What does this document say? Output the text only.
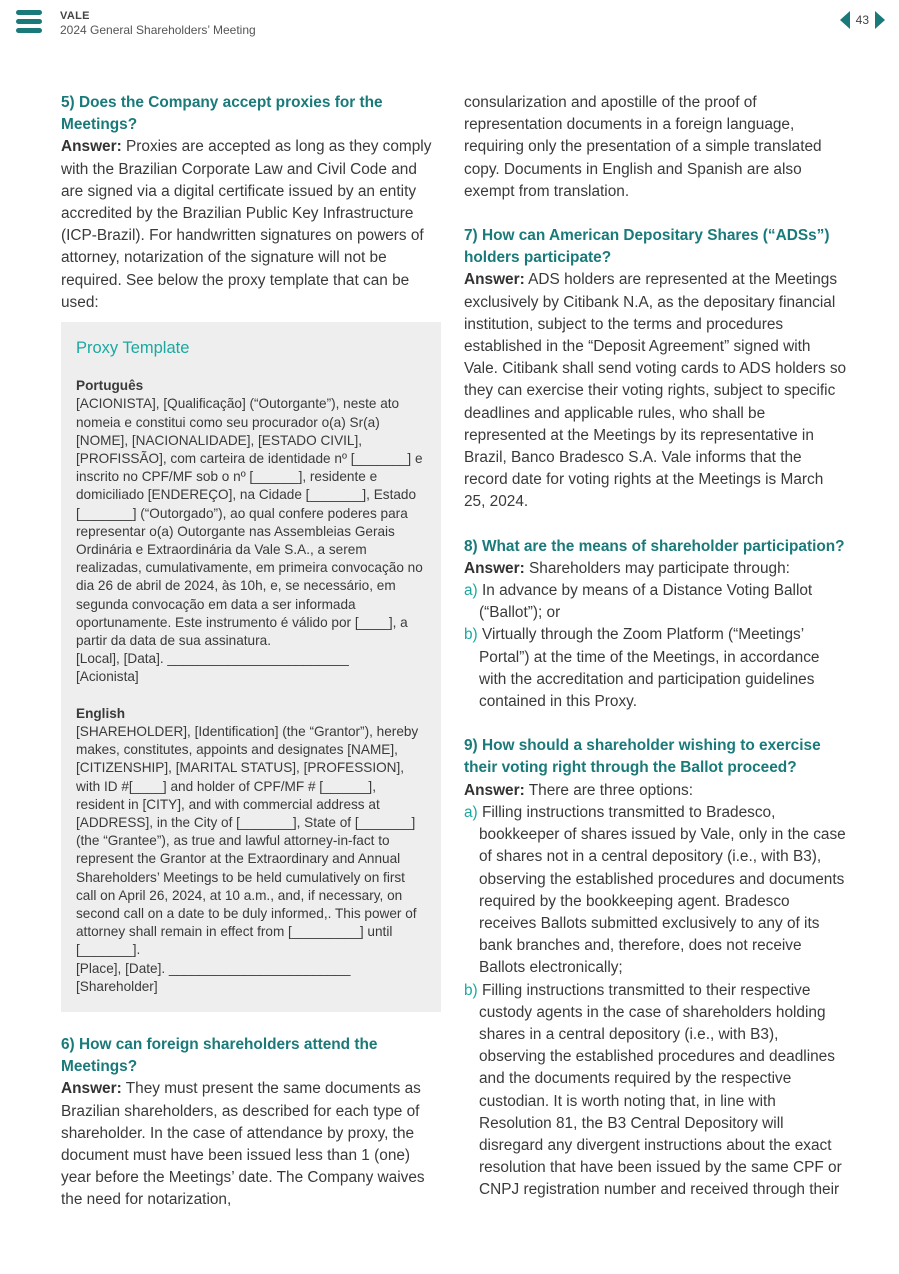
VALE
2024 General Shareholders’ Meeting
43

5) Does the Company accept proxies for the Meetings?

Answer: Proxies are accepted as long as they comply with the Brazilian Corporate Law and Civil Code and are signed via a digital certificate issued by an entity accredited by the Brazilian Public Key Infrastructure (ICP-Brazil). For handwritten signatures on powers of attorney, notarization of the signature will not be required. See below the proxy template that can be used:

Proxy Template

Português

[ACIONISTA], [Qualificação] (“Outorgante”), neste ato nomeia e constitui como seu procurador o(a) Sr(a) [NOME], [NACIONALIDADE], [ESTADO CIVIL], [PROFISSÃO], com carteira de identidade nº [_______] e inscrito no CPF/MF sob o nº [______], residente e domiciliado [ENDEREÇO], na Cidade [_______], Estado [_______] (“Outorgado”), ao qual confere poderes para representar o(a) Outorgante nas Assembleias Gerais Ordinária e Extraordinária da Vale S.A., a serem realizadas, cumulativamente, em primeira convocação no dia 26 de abril de 2024, às 10h, e, se necessário, em segunda convocação em data a ser informada oportunamente. Este instrumento é válido por [____], a partir da data de sua assinatura.

[Local], [Data]. ________________________

[Acionista]

English

[SHAREHOLDER], [Identification] (the “Grantor”), hereby makes, constitutes, appoints and designates [NAME], [CITIZENSHIP], [MARITAL STATUS], [PROFESSION], with ID #[____] and holder of CPF/MF # [______], resident in [CITY], and with commercial address at [ADDRESS], in the City of [_______], State of [_______] (the “Grantee”), as true and lawful attorney-in-fact to represent the Grantor at the Extraordinary and Annual Shareholders’ Meetings to be held cumulatively on first call on April 26, 2024, at 10 a.m., and, if necessary, on second call on a date to be duly informed,. This power of attorney shall remain in effect from [_________] until [_______].

[Place], [Date]. ________________________

[Shareholder]

6) How can foreign shareholders attend the Meetings?

Answer: They must present the same documents as Brazilian shareholders, as described for each type of shareholder. In the case of attendance by proxy, the document must have been issued less than 1 (one) year before the Meetings’ date. The Company waives the need for notarization,

consularization and apostille of the proof of representation documents in a foreign language, requiring only the presentation of a simple translated copy. Documents in English and Spanish are also exempt from translation.

7) How can American Depositary Shares (“ADSs”) holders participate?

Answer: ADS holders are represented at the Meetings exclusively by Citibank N.A, as the depositary financial institution, subject to the terms and procedures established in the “Deposit Agreement” signed with Vale. Citibank shall send voting cards to ADS holders so they can exercise their voting rights, subject to specific deadlines and applicable rules, who shall be represented at the Meetings by its representative in Brazil, Banco Bradesco S.A. Vale informs that the record date for voting rights at the Meetings is March 25, 2024.

8) What are the means of shareholder participation?

Answer: Shareholders may participate through:

a) In advance by means of a Distance Voting Ballot (“Ballot”); or

b) Virtually through the Zoom Platform (“Meetings’ Portal”) at the time of the Meetings, in accordance with the accreditation and participation guidelines contained in this Proxy.

9) How should a shareholder wishing to exercise their voting right through the Ballot proceed?

Answer: There are three options:

a) Filling instructions transmitted to Bradesco, bookkeeper of shares issued by Vale, only in the case of shares not in a central depository (i.e., with B3), observing the established procedures and documents required by the bookkeeping agent. Bradesco receives Ballots submitted exclusively to any of its bank branches and, therefore, does not receive Ballots electronically;

b) Filling instructions transmitted to their respective custody agents in the case of shareholders holding shares in a central depository (i.e., with B3), observing the established procedures and deadlines and the documents required by the respective custodian. It is worth noting that, in line with Resolution 81, the B3 Central Depository will disregard any divergent instructions about the exact resolution that have been issued by the same CPF or CNPJ registration number and received through their
